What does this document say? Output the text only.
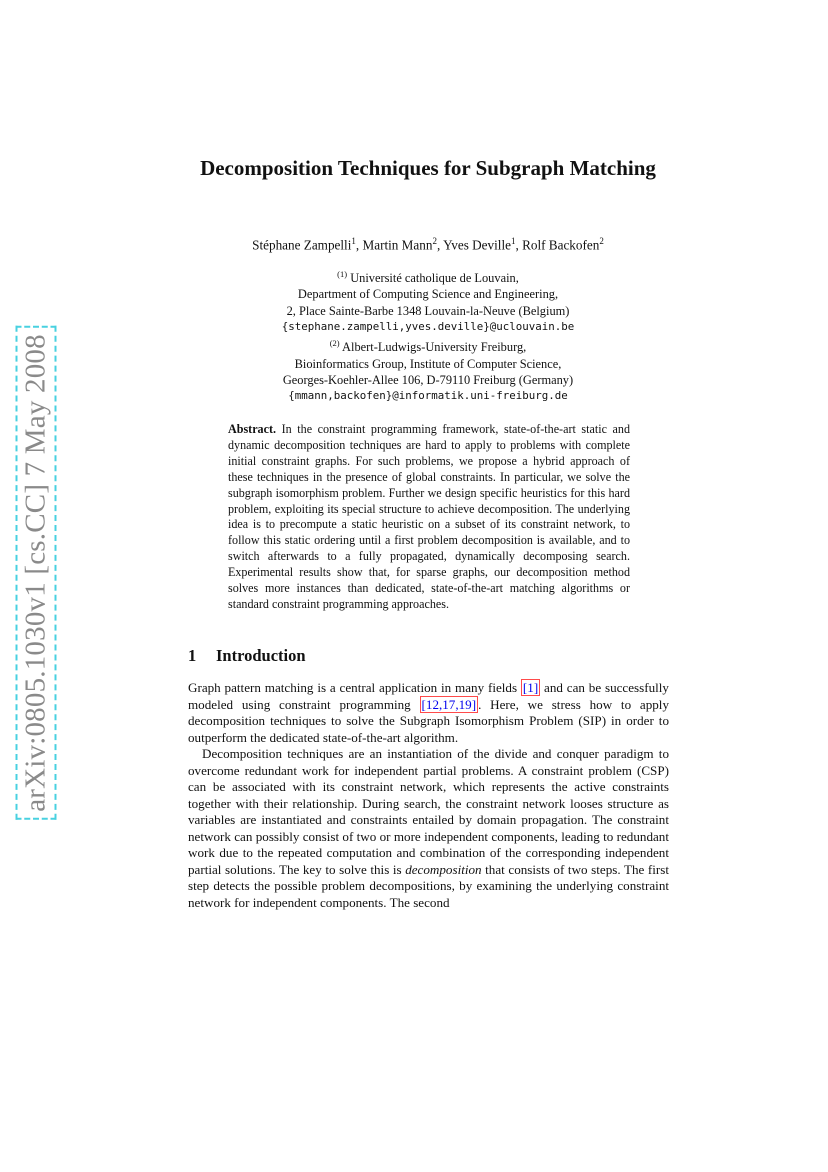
arXiv:0805.1030v1 [cs.CC] 7 May 2008
Decomposition Techniques for Subgraph Matching
Stéphane Zampelli$^1$, Martin Mann$^2$, Yves Deville$^1$, Rolf Backofen$^2$
$^{(1)}$ Université catholique de Louvain,
Department of Computing Science and Engineering,
2, Place Sainte-Barbe 1348 Louvain-la-Neuve (Belgium)
{stephane.zampelli,yves.deville}@uclouvain.be
$^{(2)}$ Albert-Ludwigs-University Freiburg,
Bioinformatics Group, Institute of Computer Science,
Georges-Koehler-Allee 106, D-79110 Freiburg (Germany)
{mmann,backofen}@informatik.uni-freiburg.de
Abstract. In the constraint programming framework, state-of-the-art static and dynamic decomposition techniques are hard to apply to problems with complete initial constraint graphs. For such problems, we propose a hybrid approach of these techniques in the presence of global constraints. In particular, we solve the subgraph isomorphism problem. Further we design specific heuristics for this hard problem, exploiting its special structure to achieve decomposition. The underlying idea is to precompute a static heuristic on a subset of its constraint network, to follow this static ordering until a first problem decomposition is available, and to switch afterwards to a fully propagated, dynamically decomposing search. Experimental results show that, for sparse graphs, our decomposition method solves more instances than dedicated, state-of-the-art matching algorithms or standard constraint programming approaches.
1 Introduction

Graph pattern matching is a central application in many fields [1] and can be successfully modeled using constraint programming [12,17,19] . Here, we stress how to apply decomposition techniques to solve the Subgraph Isomorphism Problem (SIP) in order to outperform the dedicated state-of-the-art algorithm.

Decomposition techniques are an instantiation of the divide and conquer paradigm to overcome redundant work for independent partial problems. A constraint problem (CSP) can be associated with its constraint network, which represents the active constraints together with their relationship. During search, the constraint network looses structure as variables are instantiated and constraints entailed by domain propagation. The constraint network can possibly consist of two or more independent components, leading to redundant work due to the repeated computation and combination of the corresponding independent partial solutions. The key to solve this is decomposition that consists of two steps. The first step detects the possible problem decompositions, by examining the underlying constraint network for independent components. The second
